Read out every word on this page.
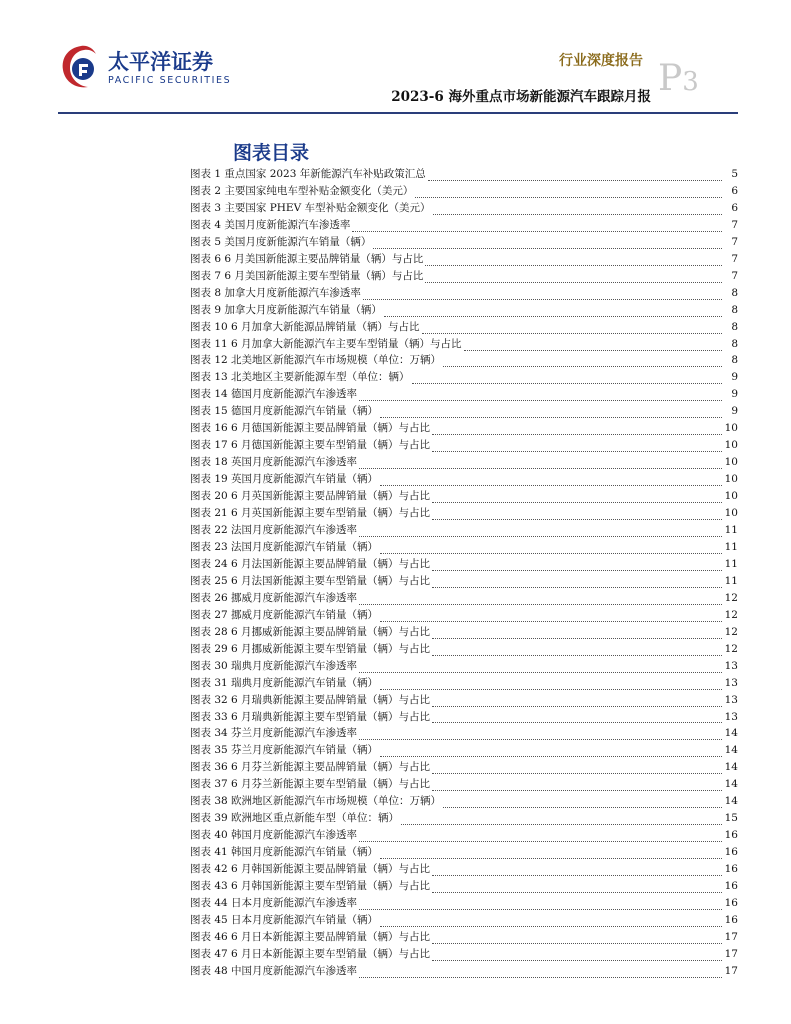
太平洋证券
PACIFIC SECURITIES
行业深度报告
2023-6 海外重点市场新能源汽车跟踪月报 P3
图表目录
图表 1 重点国家 2023 年新能源汽车补贴政策汇总	5
图表 2 主要国家纯电车型补贴金额变化（美元）	6
图表 3 主要国家 PHEV 车型补贴金额变化（美元）	6
图表 4 美国月度新能源汽车渗透率	7
图表 5 美国月度新能源汽车销量（辆）	7
图表 6 6 月美国新能源主要品牌销量（辆）与占比	7
图表 7 6 月美国新能源主要车型销量（辆）与占比	7
图表 8 加拿大月度新能源汽车渗透率	8
图表 9 加拿大月度新能源汽车销量（辆）	8
图表 10 6 月加拿大新能源品牌销量（辆）与占比	8
图表 11 6 月加拿大新能源汽车主要车型销量（辆）与占比	8
图表 12 北美地区新能源汽车市场规模（单位：万辆）	8
图表 13 北美地区主要新能源车型（单位：辆）	9
图表 14 德国月度新能源汽车渗透率	9
图表 15 德国月度新能源汽车销量（辆）	9
图表 16 6 月德国新能源主要品牌销量（辆）与占比	10
图表 17 6 月德国新能源主要车型销量（辆）与占比	10
图表 18 英国月度新能源汽车渗透率	10
图表 19 英国月度新能源汽车销量（辆）	10
图表 20 6 月英国新能源主要品牌销量（辆）与占比	10
图表 21 6 月英国新能源主要车型销量（辆）与占比	10
图表 22 法国月度新能源汽车渗透率	11
图表 23 法国月度新能源汽车销量（辆）	11
图表 24 6 月法国新能源主要品牌销量（辆）与占比	11
图表 25 6 月法国新能源主要车型销量（辆）与占比	11
图表 26 挪威月度新能源汽车渗透率	12
图表 27 挪威月度新能源汽车销量（辆）	12
图表 28 6 月挪威新能源主要品牌销量（辆）与占比	12
图表 29 6 月挪威新能源主要车型销量（辆）与占比	12
图表 30 瑞典月度新能源汽车渗透率	13
图表 31 瑞典月度新能源汽车销量（辆）	13
图表 32 6 月瑞典新能源主要品牌销量（辆）与占比	13
图表 33 6 月瑞典新能源主要车型销量（辆）与占比	13
图表 34 芬兰月度新能源汽车渗透率	14
图表 35 芬兰月度新能源汽车销量（辆）	14
图表 36 6 月芬兰新能源主要品牌销量（辆）与占比	14
图表 37 6 月芬兰新能源主要车型销量（辆）与占比	14
图表 38 欧洲地区新能源汽车市场规模（单位：万辆）	14
图表 39 欧洲地区重点新能车型（单位：辆）	15
图表 40 韩国月度新能源汽车渗透率	16
图表 41 韩国月度新能源汽车销量（辆）	16
图表 42 6 月韩国新能源主要品牌销量（辆）与占比	16
图表 43 6 月韩国新能源主要车型销量（辆）与占比	16
图表 44 日本月度新能源汽车渗透率	16
图表 45 日本月度新能源汽车销量（辆）	16
图表 46 6 月日本新能源主要品牌销量（辆）与占比	17
图表 47 6 月日本新能源主要车型销量（辆）与占比	17
图表 48 中国月度新能源汽车渗透率	17
